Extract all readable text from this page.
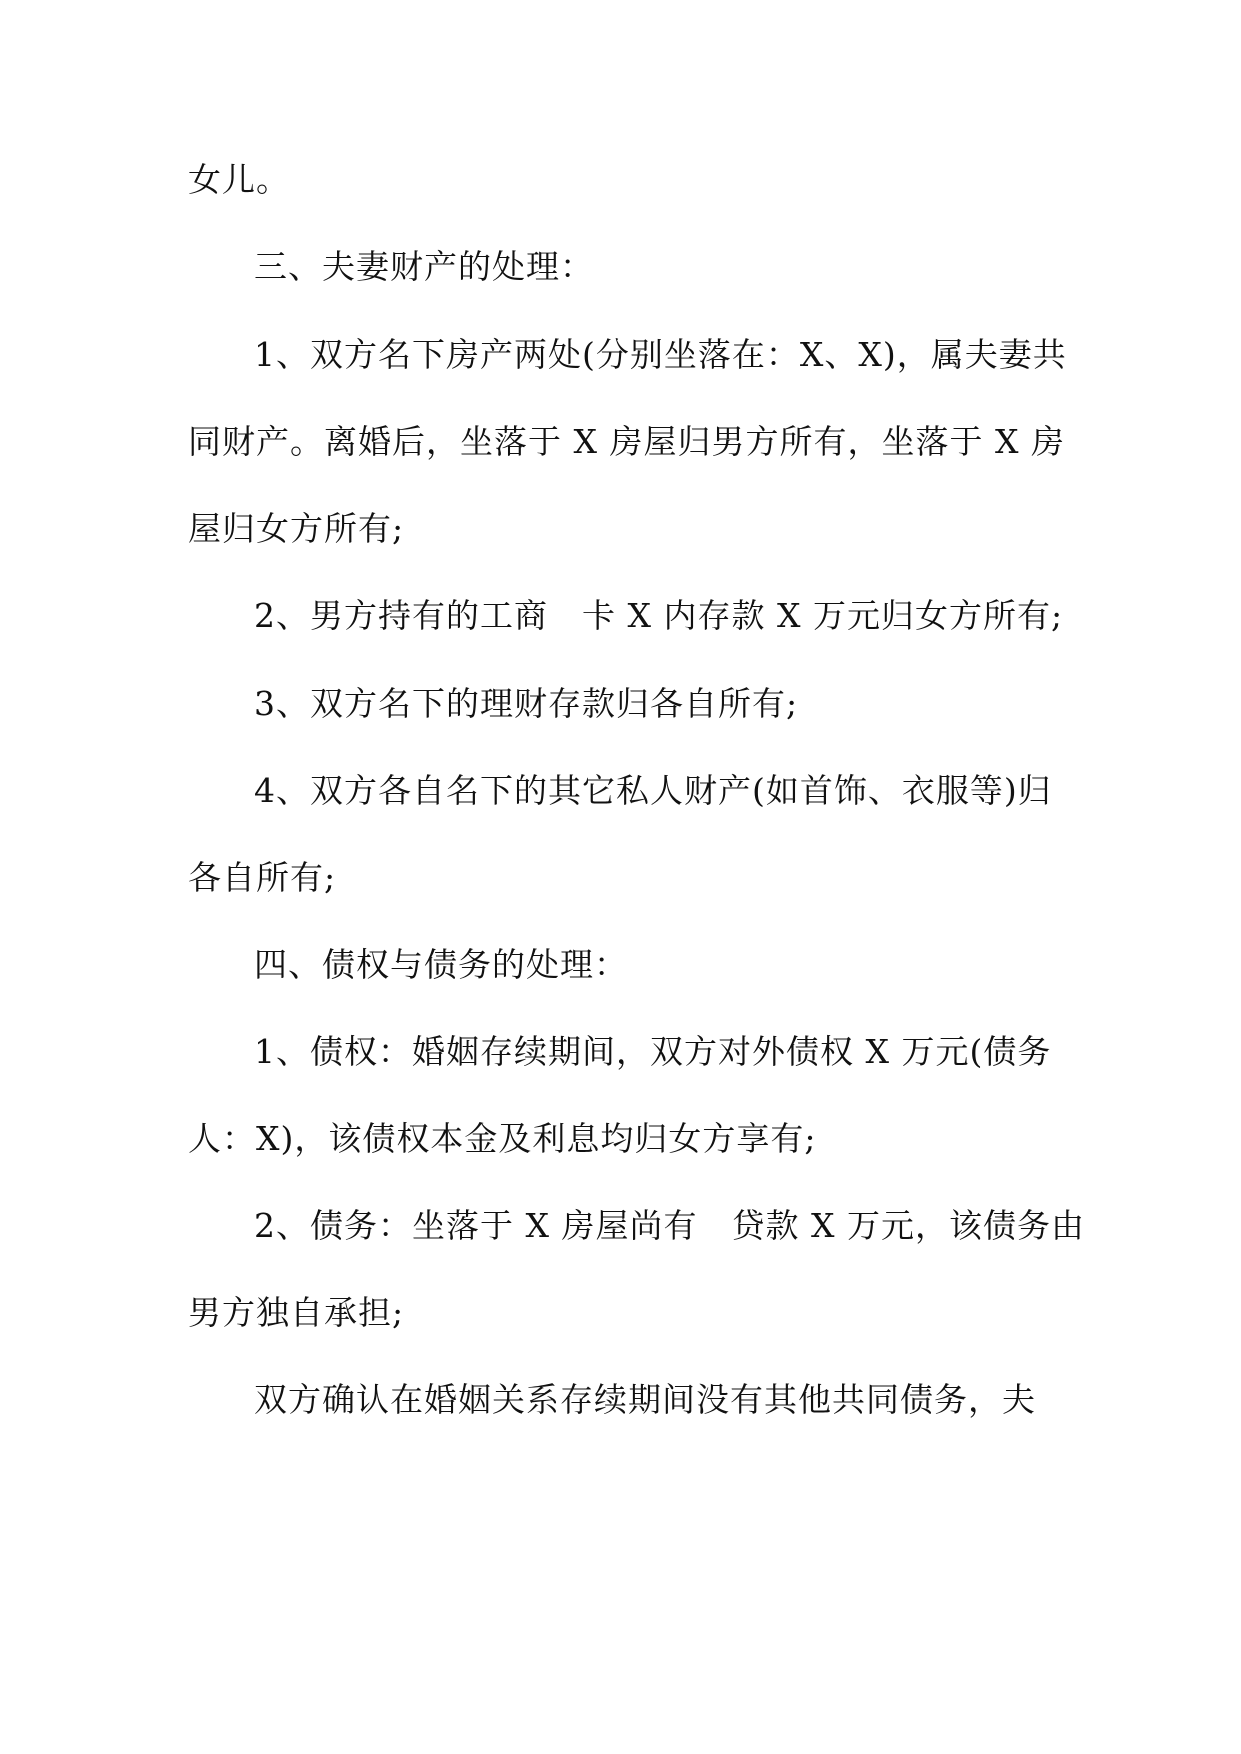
女儿。
三、夫妻财产的处理：
1、双方名下房产两处(分别坐落在：X、X)，属夫妻共
同财产。离婚后，坐落于 X 房屋归男方所有，坐落于 X 房
屋归女方所有;
2、男方持有的工商　卡 X 内存款 X 万元归女方所有;
3、双方名下的理财存款归各自所有;
4、双方各自名下的其它私人财产(如首饰、衣服等)归
各自所有;
四、债权与债务的处理：
1、债权：婚姻存续期间，双方对外债权 X 万元(债务
人：X)，该债权本金及利息均归女方享有;
2、债务：坐落于 X 房屋尚有　贷款 X 万元，该债务由
男方独自承担;
双方确认在婚姻关系存续期间没有其他共同债务，夫
